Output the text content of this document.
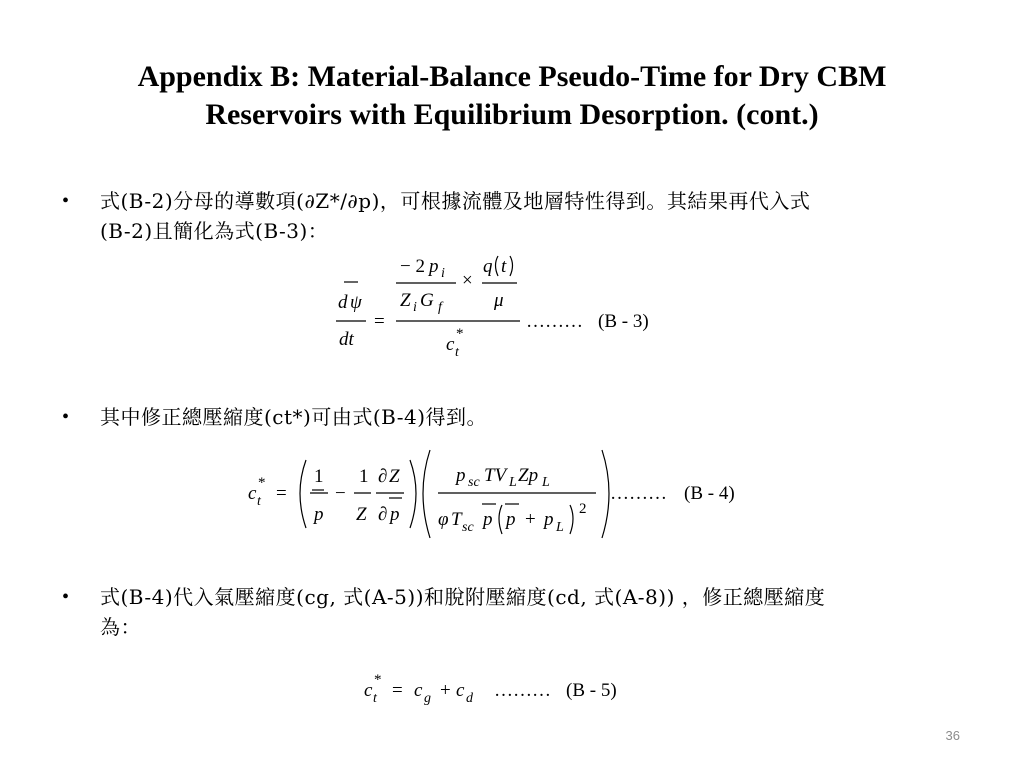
Appendix B: Material-Balance Pseudo-Time for Dry CBM
Reservoirs with Equilibrium Desorption. (cont.)
• 式(B-2)分母的導數項(∂Z*/∂p)，可根據流體及地層特性得到。其結果再代入式
(B-2)且簡化為式(B-3)：
d ψ
dt
=
− 2 p i
Z i G f
×
q t
μ
c t
*
……… (B - 3)
• 其中修正總壓縮度(ct*)可由式(B-4)得到。
c t
* =
1
p
−
1
Z
∂ Z
∂ p
p sc TV L Zp L
φ T sc p p + p L
2
……… (B - 4)
• 式(B-4)代入氣壓縮度(cg, 式(A-5))和脫附壓縮度(cd, 式(A-8)) ，修正總壓縮度
為：
c t
* = c g + c d ……… (B - 5)
36
